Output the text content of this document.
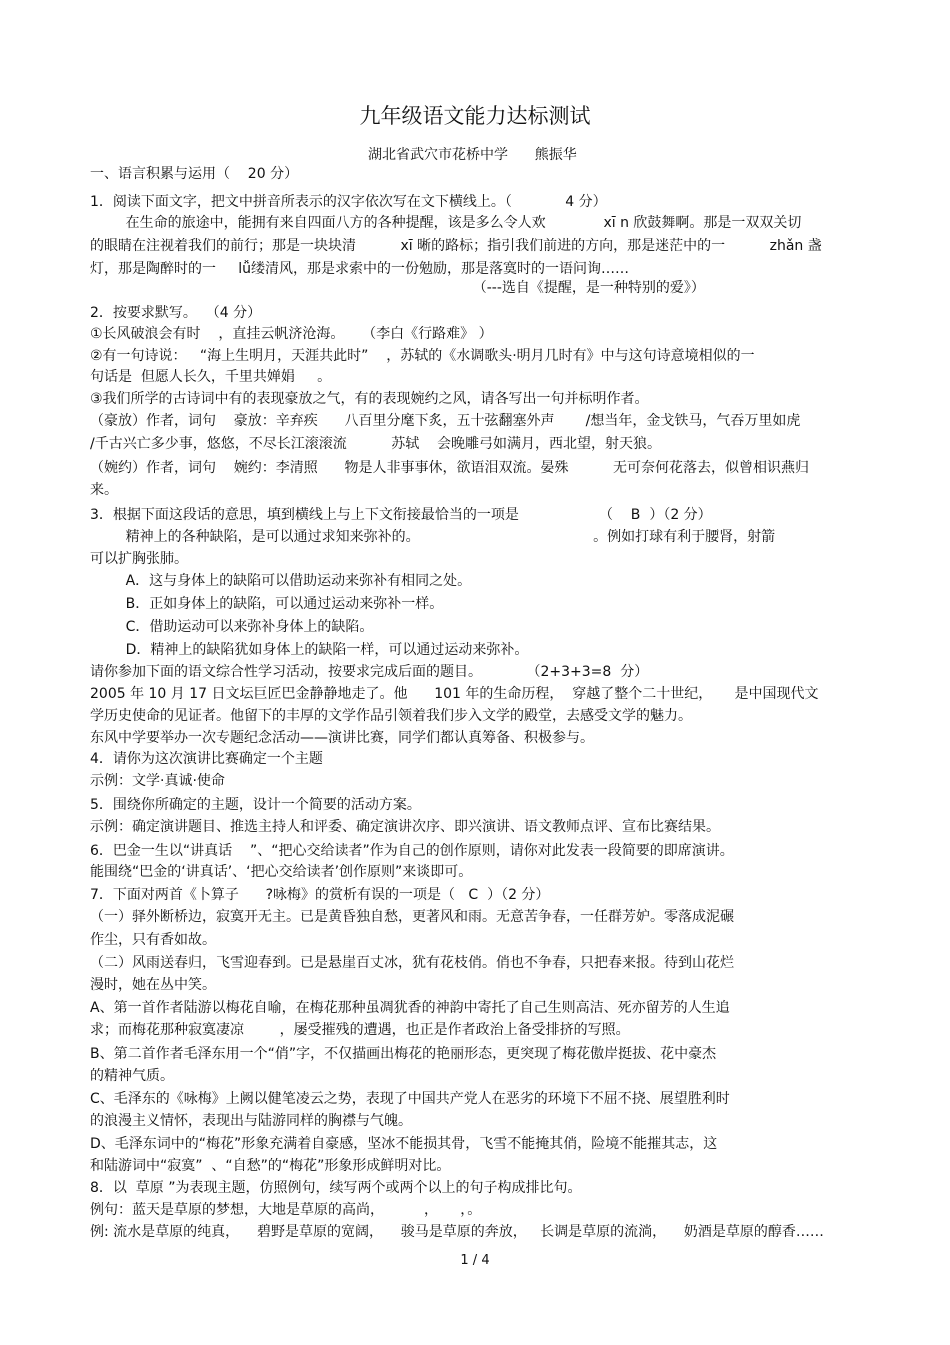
九年级语文能力达标测试
湖北省武穴市花桥中学      熊振华
一、语言积累与运用（    20 分）
1．阅读下面文字，把文中拼音所表示的汉字依次写在文下横线上。（            4 分）
在生命的旅途中，能拥有来自四面八方的各种提醒，该是多么令人欢             xī n 欣鼓舞啊。那是一双双关切
的眼睛在注视着我们的前行；那是一块块清          xī 晰的路标；指引我们前进的方向，那是迷茫中的一          zhǎn 盏
灯，那是陶醉时的一     lǚ缕清风，那是求索中的一份勉励，那是落寞时的一语问询……
（---选自《提醒，是一种特别的爱》）
2．按要求默写。  （4 分）
①长风破浪会有时    ，直挂云帆济沧海。    （李白《行路难》 ）
②有一句诗说：   “海上生明月，天涯共此时”    ，苏轼的《水调歌头·明月几时有》中与这句诗意境相似的一
句话是  但愿人长久，千里共婵娟     。
③我们所学的古诗词中有的表现豪放之气，有的表现婉约之风，请各写出一句并标明作者。
（豪放）作者，词句    豪放：辛弃疾      八百里分麾下炙，五十弦翻塞外声       /想当年，金戈铁马，气吞万里如虎
/千古兴亡多少事，悠悠，不尽长江滚滚流          苏轼    会晚雕弓如满月，西北望，射天狼。
（婉约）作者，词句    婉约：李清照      物是人非事事休，欲语泪双流。晏殊          无可奈何花落去，似曾相识燕归
来。
3．根据下面这段话的意思，填到横线上与上下文衔接最恰当的一项是                  （    B  ）（2 分）
精神上的各种缺陷，是可以通过求知来弥补的。                                       。例如打球有利于腰肾，射箭
可以扩胸张肺。
A．这与身体上的缺陷可以借助运动来弥补有相同之处。
B．正如身体上的缺陷，可以通过运动来弥补一样。
C．借助运动可以来弥补身体上的缺陷。
D．精神上的缺陷犹如身体上的缺陷一样，可以通过运动来弥补。
请你参加下面的语文综合性学习活动，按要求完成后面的题目。          （2+3+3=8  分）
2005 年 10 月 17 日文坛巨匠巴金静静地走了。他      101 年的生命历程，  穿越了整个二十世纪，     是中国现代文
学历史使命的见证者。他留下的丰厚的文学作品引领着我们步入文学的殿堂，去感受文学的魅力。
东风中学要举办一次专题纪念活动——演讲比赛，同学们都认真筹备、积极参与。
4．请你为这次演讲比赛确定一个主题
示例：文学·真诚·使命
5．围绕你所确定的主题，设计一个简要的活动方案。
示例：确定演讲题目、推选主持人和评委、确定演讲次序、即兴演讲、语文教师点评、宣布比赛结果。
6．巴金一生以“讲真话    ”、“把心交给读者”作为自己的创作原则，请你对此发表一段简要的即席演讲。
能围绕“巴金的‘讲真话’、‘把心交给读者’创作原则”来谈即可。
7．下面对两首《卜算子      ?咏梅》的赏析有误的一项是（   C  ）（2 分）
（一）驿外断桥边，寂寞开无主。已是黄昏独自愁，更著风和雨。无意苦争春，一任群芳妒。零落成泥碾
作尘，只有香如故。
（二）风雨送春归，飞雪迎春到。已是悬崖百丈冰，犹有花枝俏。俏也不争春，只把春来报。待到山花烂
漫时，她在丛中笑。
A、第一首作者陆游以梅花自喻，在梅花那种虽凋犹香的神韵中寄托了自己生则高洁、死亦留芳的人生追
求；而梅花那种寂寞凄凉        ，屡受摧残的遭遇，也正是作者政治上备受排挤的写照。
B、第二首作者毛泽东用一个“俏”字，不仅描画出梅花的艳丽形态，更突现了梅花傲岸挺拔、花中豪杰
的精神气质。
C、毛泽东的《咏梅》上阙以健笔凌云之势，表现了中国共产党人在恶劣的环境下不屈不挠、展望胜利时
的浪漫主义情怀，表现出与陆游同样的胸襟与气魄。
D、毛泽东词中的“梅花”形象充满着自豪感，坚冰不能损其骨，飞雪不能掩其俏，险境不能摧其志，这
和陆游词中“寂寞”  、“自愁”的“梅花”形象形成鲜明对比。
8．以  草原 ”为表现主题，仿照例句，续写两个或两个以上的句子构成排比句。
例句：蓝天是草原的梦想，大地是草原的高尚，         ，     ，。
例: 流水是草原的纯真，    碧野是草原的宽阔，    骏马是草原的奔放，   长调是草原的流淌，    奶酒是草原的醇香……
1 / 4
